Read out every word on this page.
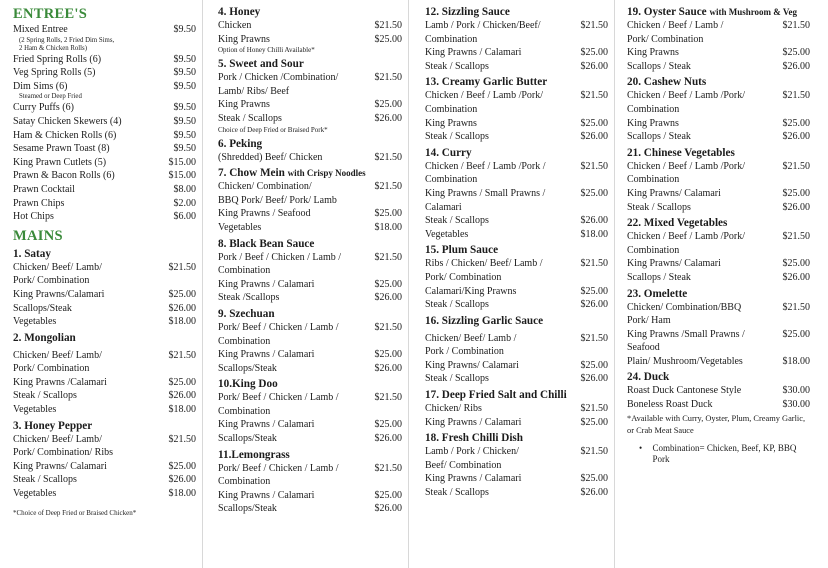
ENTREE'S
Mixed Entree	$9.50
(2 Spring Rolls, 2 Fried Dim Sims, 2 Ham & Chicken Rolls)
Fried Spring Rolls (6)	$9.50
Veg Spring Rolls (5)	$9.50
Dim Sims (6)	$9.50
Steamed or Deep Fried
Curry Puffs (6)	$9.50
Satay Chicken Skewers (4)	$9.50
Ham & Chicken Rolls (6)	$9.50
Sesame Prawn Toast (8)	$9.50
King Prawn Cutlets (5)	$15.00
Prawn & Bacon Rolls (6)	$15.00
Prawn Cocktail	$8.00
Prawn Chips	$2.00
Hot Chips	$6.00
MAINS
1. Satay
Chicken/ Beef/ Lamb/
Pork/ Combination
$21.50
King Prawns/Calamari	$25.00
Scallops/Steak	$26.00
Vegetables	$18.00
2. Mongolian
Chicken/ Beef/ Lamb/
Pork/ Combination
$21.50
King Prawns /Calamari	$25.00
Steak / Scallops	$26.00
Vegetables	$18.00
3. Honey Pepper
Chicken/ Beef/ Lamb/
Pork/ Combination/ Ribs
$21.50
King Prawns/ Calamari	$25.00
Steak / Scallops	$26.00
Vegetables	$18.00
*Choice of Deep Fried or Braised Chicken*
4. Honey
Chicken	$21.50
King Prawns	$25.00
Option of Honey Chilli Available*
5. Sweet and Sour
Pork / Chicken /Combination/
Lamb/ Ribs/ Beef
$21.50
King Prawns	$25.00
Steak / Scallops	$26.00
Choice of Deep Fried or Braised Pork*
6. Peking
(Shredded) Beef/ Chicken	$21.50
7. Chow Mein with Crispy Noodles
Chicken/ Combination/
BBQ Pork/ Beef/ Pork/ Lamb
$21.50
King Prawns / Seafood	$25.00
Vegetables	$18.00
8. Black Bean Sauce
Pork / Beef / Chicken / Lamb /
Combination
$21.50
King Prawns / Calamari	$25.00
Steak /Scallops	$26.00
9. Szechuan
Pork/ Beef / Chicken / Lamb /
Combination
$21.50
King Prawns / Calamari	$25.00
Scallops/Steak	$26.00
10.King Doo
Pork/ Beef / Chicken / Lamb /
Combination
$21.50
King Prawns / Calamari	$25.00
Scallops/Steak	$26.00
11.Lemongrass
Pork/ Beef / Chicken / Lamb /
Combination
$21.50
King Prawns / Calamari	$25.00
Scallops/Steak	$26.00
12. Sizzling Sauce
Lamb / Pork / Chicken/Beef/
Combination
$21.50
King Prawns / Calamari	$25.00
Steak / Scallops	$26.00
13. Creamy Garlic Butter
Chicken / Beef / Lamb /Pork/
Combination
$21.50
King Prawns	$25.00
Steak / Scallops	$26.00
14. Curry
Chicken / Beef / Lamb /Pork /
Combination
$21.50
King Prawns / Small Prawns /
Calamari
$25.00
Steak / Scallops	$26.00
Vegetables	$18.00
15. Plum Sauce
Ribs / Chicken/ Beef/ Lamb /
Pork/ Combination
$21.50
Calamari/King Prawns	$25.00
Steak / Scallops	$26.00
16. Sizzling Garlic Sauce
Chicken/ Beef/ Lamb /
Pork / Combination
$21.50
King Prawns/ Calamari	$25.00
Steak / Scallops	$26.00
17. Deep Fried Salt and Chilli
Chicken/ Ribs	$21.50
King Prawns / Calamari	$25.00
18. Fresh Chilli Dish
Lamb / Pork / Chicken/
Beef/ Combination
$21.50
King Prawns / Calamari	$25.00
Steak / Scallops	$26.00
19. Oyster Sauce with Mushroom & Veg
Chicken / Beef / Lamb /
Pork/ Combination
$21.50
King Prawns	$25.00
Scallops / Steak	$26.00
20. Cashew Nuts
Chicken / Beef / Lamb /Pork/
Combination
$21.50
King Prawns	$25.00
Scallops / Steak	$26.00
21. Chinese Vegetables
Chicken / Beef / Lamb /Pork/
Combination
$21.50
King Prawns/ Calamari	$25.00
Steak / Scallops	$26.00
22. Mixed Vegetables
Chicken / Beef / Lamb /Pork/
Combination
$21.50
King Prawns/ Calamari	$25.00
Scallops / Steak	$26.00
23. Omelette
Chicken/ Combination/BBQ
Pork/ Ham
$21.50
King Prawns /Small Prawns /
Seafood
$25.00
Plain/ Mushroom/Vegetables	$18.00
24. Duck
Roast Duck Cantonese Style	$30.00
Boneless Roast Duck	$30.00
*Available with Curry, Oyster, Plum, Creamy Garlic, or Crab Meat Sauce
•	Combination= Chicken, Beef, KP, BBQ Pork
